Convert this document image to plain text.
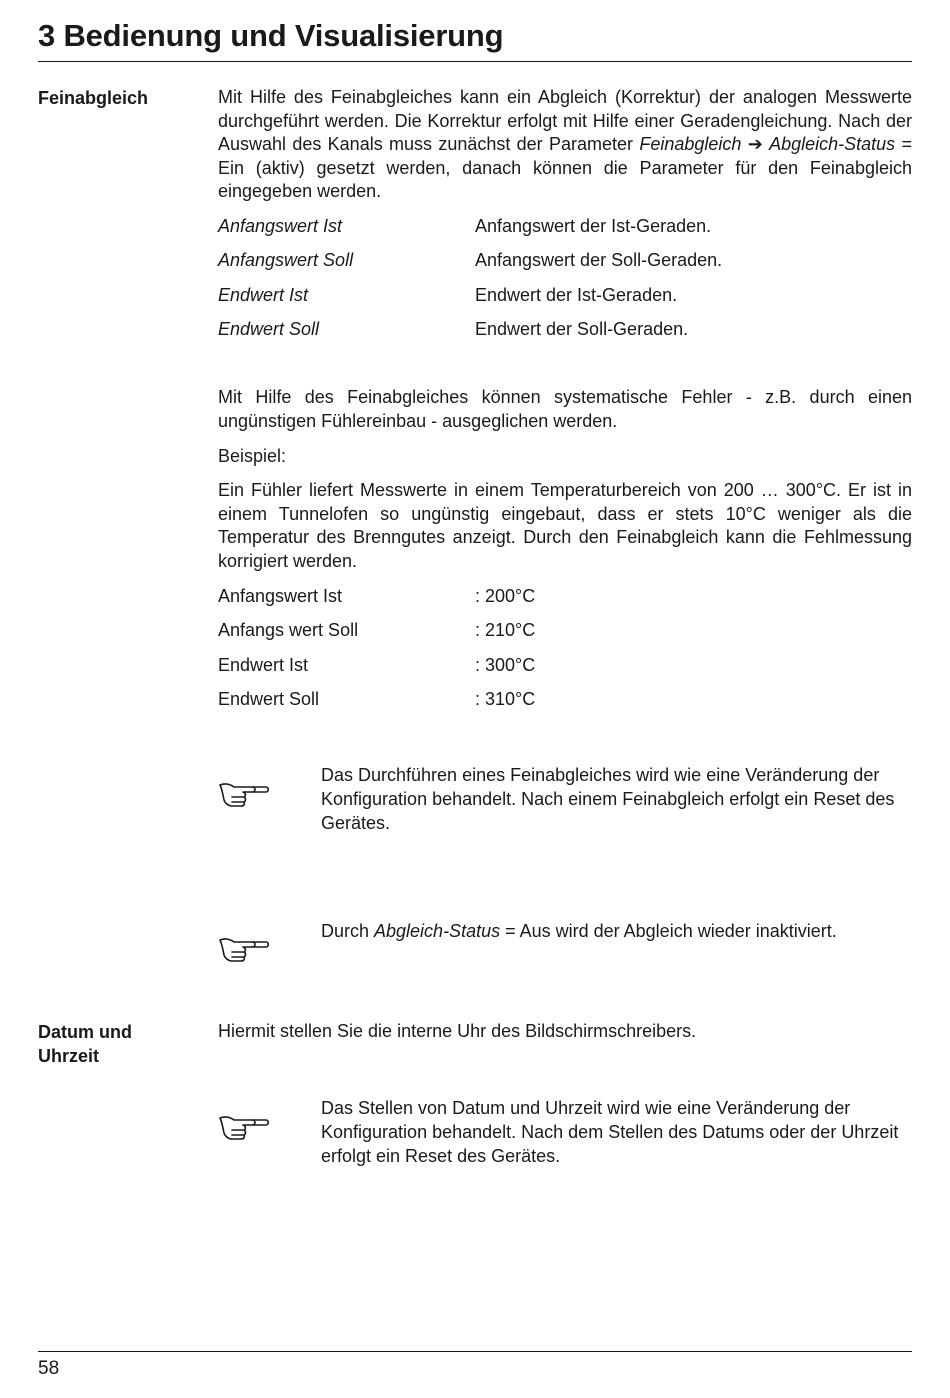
3 Bedienung und Visualisierung
Feinabgleich	Mit Hilfe des Feinabgleiches kann ein Abgleich (Korrektur) der analogen Messwerte durchgeführt werden. Die Korrektur erfolgt mit Hilfe einer Geradengleichung. Nach der Auswahl des Kanals muss zunächst der Parameter Feinabgleich ➔ Abgleich-Status = Ein (aktiv) gesetzt werden, danach können die Parameter für den Feinabgleich eingegeben werden.
Anfangswert Ist	Anfangswert der Ist-Geraden.
Anfangswert Soll	Anfangswert der Soll-Geraden.
Endwert Ist	Endwert der Ist-Geraden.
Endwert Soll	Endwert der Soll-Geraden.
Mit Hilfe des Feinabgleiches können systematische Fehler - z.B. durch einen ungünstigen Fühlereinbau - ausgeglichen werden.
Beispiel:
Ein Fühler liefert Messwerte in einem Temperaturbereich von 200 … 300°C. Er ist in einem Tunnelofen so ungünstig eingebaut, dass er stets 10°C weniger als die Temperatur des Brenngutes anzeigt. Durch den Feinabgleich kann die Fehlmessung korrigiert werden.
Anfangswert Ist	: 200°C
Anfangs wert Soll	: 210°C
Endwert Ist	: 300°C
Endwert Soll	: 310°C
Das Durchführen eines Feinabgleiches wird wie eine Veränderung der Konfiguration behandelt. Nach einem Feinabgleich erfolgt ein Reset des Gerätes.
Durch Abgleich-Status = Aus wird der Abgleich wieder inaktiviert.
Datum und
Uhrzeit
Hiermit stellen Sie die interne Uhr des Bildschirmschreibers.
Das Stellen von Datum und Uhrzeit wird wie eine Veränderung der Konfiguration behandelt. Nach dem Stellen des Datums oder der Uhrzeit erfolgt ein Reset des Gerätes.
58
